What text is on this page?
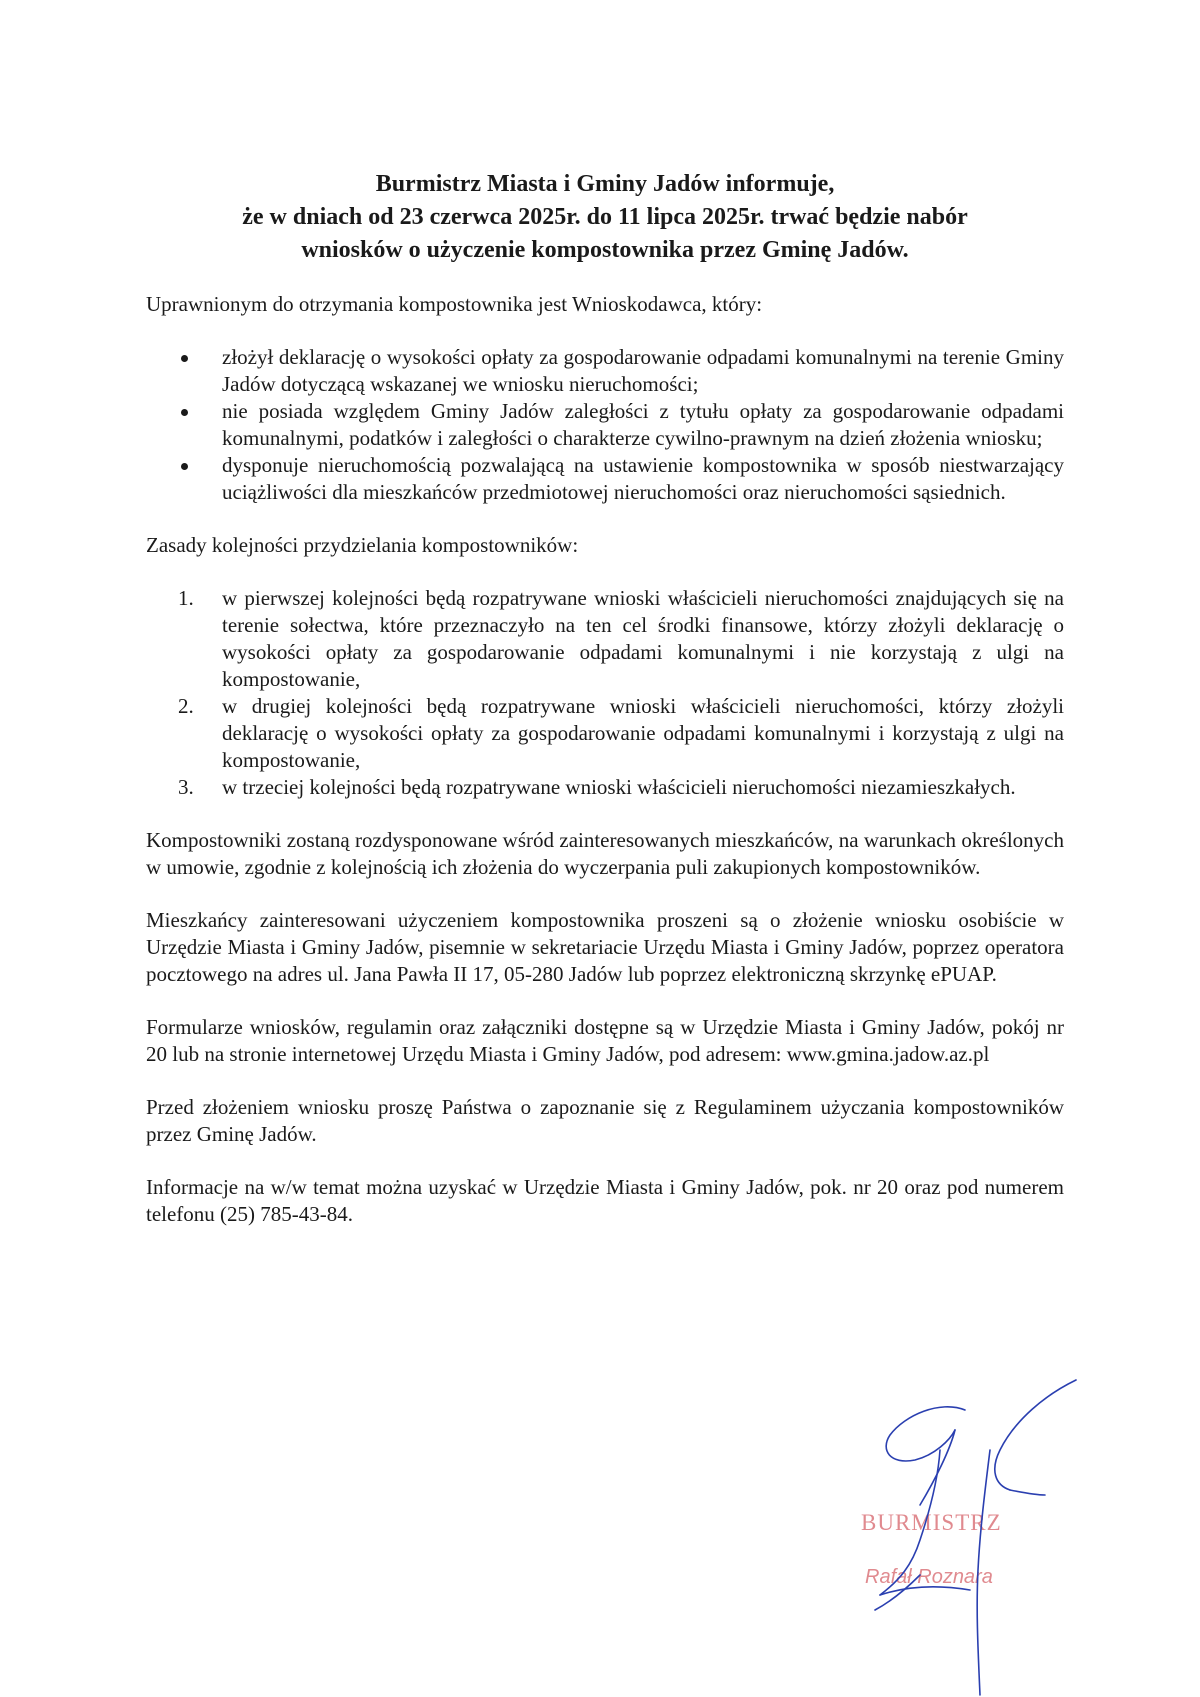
Burmistrz Miasta i Gminy Jadów informuje,
że w dniach od 23 czerwca 2025r. do 11 lipca 2025r. trwać będzie nabór
wniosków o użyczenie kompostownika przez Gminę Jadów.

Uprawnionym do otrzymania kompostownika jest Wnioskodawca, który:

złożył deklarację o wysokości opłaty za gospodarowanie odpadami komunalnymi na terenie Gminy Jadów dotyczącą wskazanej we wniosku nieruchomości;
nie posiada względem Gminy Jadów zaległości z tytułu opłaty za gospodarowanie odpadami komunalnymi, podatków i zaległości o charakterze cywilno-prawnym na dzień złożenia wniosku;
dysponuje nieruchomością pozwalającą na ustawienie kompostownika w sposób niestwarzający uciążliwości dla mieszkańców przedmiotowej nieruchomości oraz nieruchomości sąsiednich.

Zasady kolejności przydzielania kompostowników:

1. w pierwszej kolejności będą rozpatrywane wnioski właścicieli nieruchomości znajdujących się na terenie sołectwa, które przeznaczyło na ten cel środki finansowe, którzy złożyli deklarację o wysokości opłaty za gospodarowanie odpadami komunalnymi i nie korzystają z ulgi na kompostowanie,
2. w drugiej kolejności będą rozpatrywane wnioski właścicieli nieruchomości, którzy złożyli deklarację o wysokości opłaty za gospodarowanie odpadami komunalnymi i korzystają z ulgi na kompostowanie,
3. w trzeciej kolejności będą rozpatrywane wnioski właścicieli nieruchomości niezamieszkałych.

Kompostowniki zostaną rozdysponowane wśród zainteresowanych mieszkańców, na warunkach określonych w umowie, zgodnie z kolejnością ich złożenia do wyczerpania puli zakupionych kompostowników.

Mieszkańcy zainteresowani użyczeniem kompostownika proszeni są o złożenie wniosku osobiście w Urzędzie Miasta i Gminy Jadów, pisemnie w sekretariacie Urzędu Miasta i Gminy Jadów, poprzez operatora pocztowego na adres ul. Jana Pawła II 17, 05-280 Jadów lub poprzez elektroniczną skrzynkę ePUAP.

Formularze wniosków, regulamin oraz załączniki dostępne są w Urzędzie Miasta i Gminy Jadów, pokój nr 20 lub na stronie internetowej Urzędu Miasta i Gminy Jadów, pod adresem: www.gmina.jadow.az.pl

Przed złożeniem wniosku proszę Państwa o zapoznanie się z Regulaminem użyczania kompostowników przez Gminę Jadów.

Informacje na w/w temat można uzyskać w Urzędzie Miasta i Gminy Jadów, pok. nr 20 oraz pod numerem telefonu (25) 785-43-84.

BURMISTRZ
Rafał Roznara
